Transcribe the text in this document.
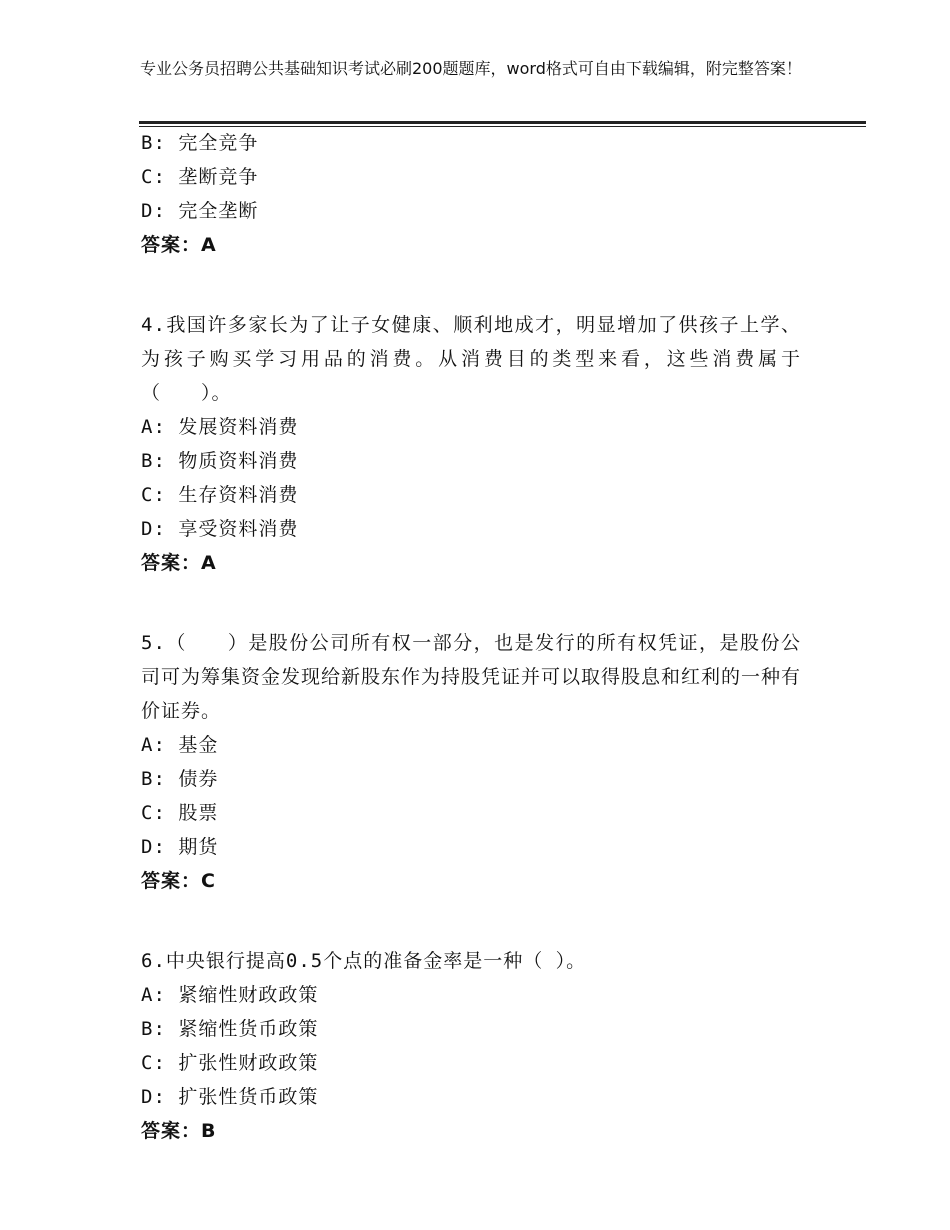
专业公务员招聘公共基础知识考试必刷200题题库，word格式可自由下载编辑，附完整答案！
B: 完全竞争
C: 垄断竞争
D: 完全垄断
答案：A
4.我国许多家长为了让子女健康、顺利地成才，明显增加了供孩子上学、为孩子购买学习用品的消费。从消费目的类型来看，这些消费属于（　　）。
A: 发展资料消费
B: 物质资料消费
C: 生存资料消费
D: 享受资料消费
答案：A
5.（　　）是股份公司所有权一部分，也是发行的所有权凭证，是股份公司可为筹集资金发现给新股东作为持股凭证并可以取得股息和红利的一种有价证券。
A: 基金
B: 债券
C: 股票
D: 期货
答案：C
6.中央银行提高0.5个点的准备金率是一种（ ）。
A: 紧缩性财政政策
B: 紧缩性货币政策
C: 扩张性财政政策
D: 扩张性货币政策
答案：B
